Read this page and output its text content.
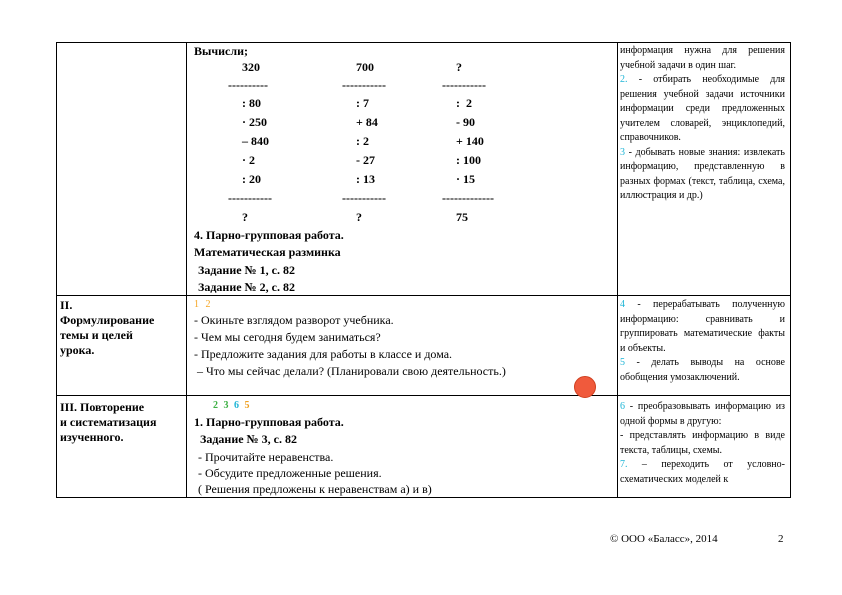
Вычисли;
320
----------
: 80
· 250
– 840
· 2
: 20
-----------
?
700
-----------
: 7
+ 84
: 2
- 27
: 13
-----------
?
?
-----------
:  2
- 90
+ 140
: 100
· 15
-------------
75
4. Парно-групповая работа.
Математическая разминка
Задание № 1, с. 82
Задание № 2, с. 82

информация нужна для решения учебной задачи в один шаг.

2. - отбирать необходимые для решения учебной задачи источники информации среди предложенных учителем словарей, энциклопедий, справочников.

3 - добывать новые знания: извлекать информацию, представленную в разных формах (текст, таблица, схема, иллюстрация и др.)

II.
Формулирование
темы и целей
урока.
1 2
- Окиньте взглядом разворот учебника.
- Чем мы сегодня будем заниматься?
- Предложите задания для работы в классе и дома.
– Что мы сейчас делали? (Планировали свою деятельность.)

4 - перерабатывать полученную информацию: сравнивать и группировать математические факты и объекты.

5 - делать выводы на основе обобщения умозаключений.

III. Повторение
и систематизация
изученного.
2 3 6 5
1. Парно-групповая работа.
Задание № 3, с. 82
- Прочитайте неравенства.
- Обсудите предложенные решения.
( Решения предложены к неравенствам а) и в)

6 - преобразовывать информацию из одной формы в другую:

- представлять информацию в виде текста, таблицы, схемы.

7. – переходить от условно-схематических моделей к

© ООО «Баласс», 2014	2
